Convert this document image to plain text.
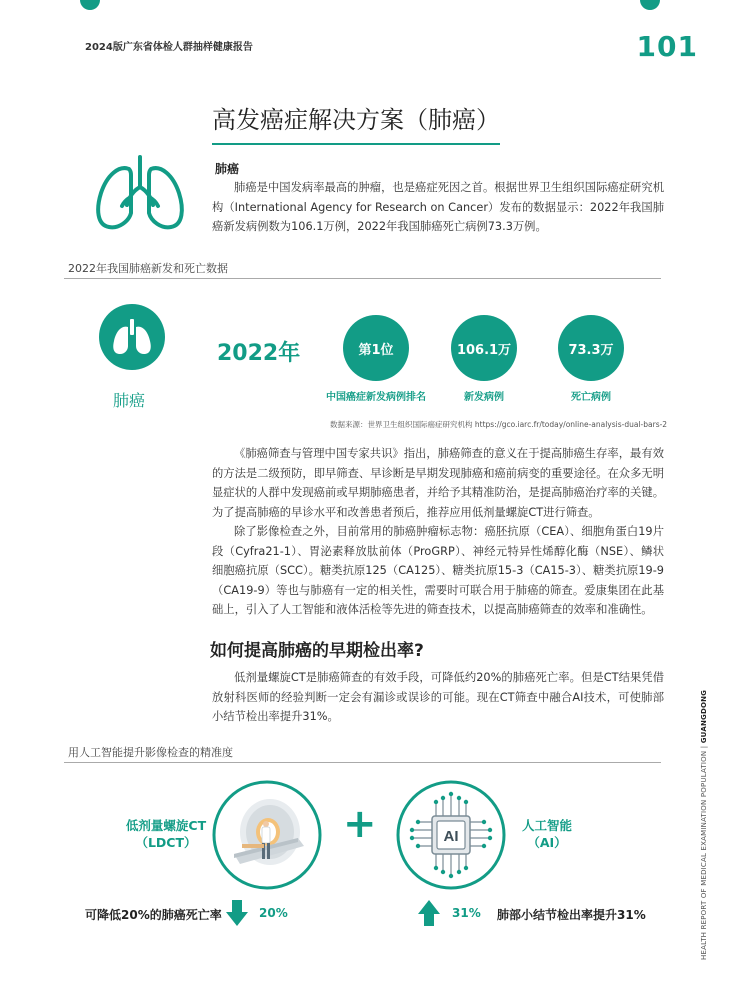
2024版广东省体检人群抽样健康报告	101
高发癌症解决方案（肺癌）
肺癌
肺癌是中国发病率最高的肿瘤，也是癌症死因之首。根据世界卫生组织国际癌症研究机构（International Agency for Research on Cancer）发布的数据显示：2022年我国肺癌新发病例数为106.1万例，2022年我国肺癌死亡病例73.3万例。
2022年我国肺癌新发和死亡数据
肺癌
2022年	第1位
中国癌症新发病例排名
106.1万
新发病例
73.3万
死亡病例
数据来源：世界卫生组织国际癌症研究机构 https://gco.iarc.fr/today/online-analysis-dual-bars-2
《肺癌筛查与管理中国专家共识》指出，肺癌筛查的意义在于提高肺癌生存率，最有效的方法是二级预防，即早筛查、早诊断是早期发现肺癌和癌前病变的重要途径。在众多无明显症状的人群中发现癌前或早期肺癌患者，并给予其精准防治，是提高肺癌治疗率的关键。为了提高肺癌的早诊水平和改善患者预后，推荐应用低剂量螺旋CT进行筛查。
除了影像检查之外，目前常用的肺癌肿瘤标志物：癌胚抗原（CEA）、细胞角蛋白19片段（Cyfra21-1）、胃泌素释放肽前体（ProGRP）、神经元特异性烯醇化酶（NSE）、鳞状细胞癌抗原（SCC）。糖类抗原125（CA125）、糖类抗原15-3（CA15-3）、糖类抗原19-9（CA19-9）等也与肺癌有一定的相关性，需要时可联合用于肺癌的筛查。爱康集团在此基础上，引入了人工智能和液体活检等先进的筛查技术，以提高肺癌筛查的效率和准确性。
如何提高肺癌的早期检出率?
低剂量螺旋CT是肺癌筛查的有效手段，可降低约20%的肺癌死亡率。但是CT结果凭借放射科医师的经验判断一定会有漏诊或误诊的可能。现在CT筛查中融合AI技术，可使肺部小结节检出率提升31%。
用人工智能提升影像检查的精准度
低剂量螺旋CT
（LDCT）	+	AI
人工智能
（AI）
可降低20%的肺癌死亡率	20%	31% 肺部小结节检出率提升31%	HEALTH REPORT OF MEDICAL EXAMINATION POPULATION | GUANGDONG
